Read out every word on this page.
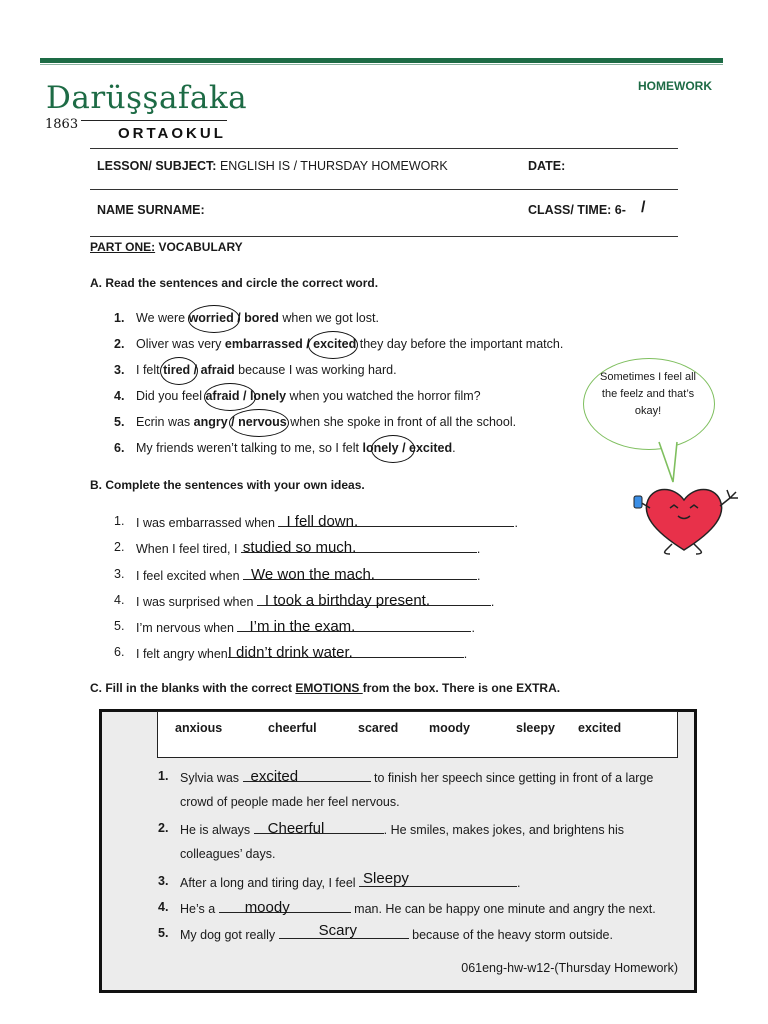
HOMEWORK
Darüşşafaka
1863
ORTAOKUL
LESSON/ SUBJECT: ENGLISH IS / THURSDAY HOMEWORK	DATE:
NAME SURNAME:	CLASS/ TIME: 6- /
PART ONE: VOCABULARY
A. Read the sentences and circle the correct word.
1. We were worried / bored when we got lost.
2. Oliver was very embarrassed / excited they day before the important match.
3. I felt tired / afraid because I was working hard.
4. Did you feel afraid / lonely when you watched the horror film?
5. Ecrin was angry / nervous when she spoke in front of all the school.
6. My friends weren’t talking to me, so I felt lonely / excited.
Sometimes I feel all the feelz and that’s okay!
B. Complete the sentences with your own ideas.
1. I was embarrassed when I fell down.	.
2. When I feel tired, I studied so much.	.
3. I feel excited when We won the mach.	.
4. I was surprised when I took a birthday present.	.
5. I’m nervous when I’m in the exam.	.
6. I felt angry when I didn’t drink water.	.
C. Fill in the blanks with the correct EMOTIONS from the box. There is one EXTRA.
anxious	cheerful	scared moody	sleepy excited
1. Sylvia was excited	to finish her speech since getting in front of a large
crowd of people made her feel nervous.
2. He is always Cheerful	. He smiles, makes jokes, and brightens his
colleagues’ days.
3. After a long and tiring day, I feel Sleepy	.
4. He’s a moody	man. He can be happy one minute and angry the next.
5. My dog got really	Scary	because of the heavy storm outside.
061eng-hw-w12-(Thursday Homework)
